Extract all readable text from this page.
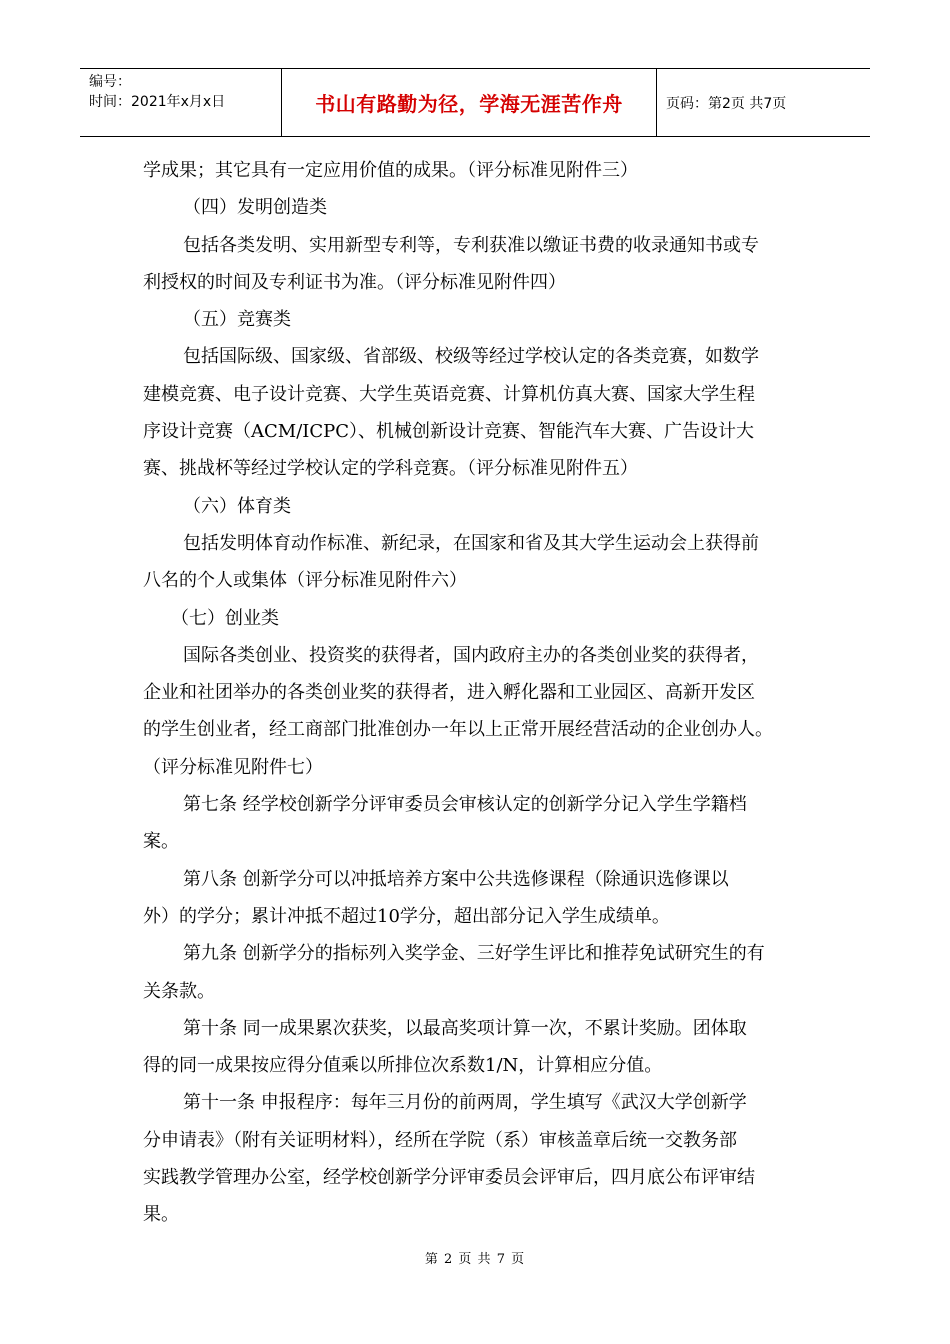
编号：
时间：2021年x月x日	书山有路勤为径，学海无涯苦作舟	页码：第2页 共7页

学成果；其它具有一定应用价值的成果。（评分标准见附件三）

（四）发明创造类

包括各类发明、实用新型专利等，专利获准以缴证书费的收录通知书或专

利授权的时间及专利证书为准。（评分标准见附件四）

（五）竞赛类

包括国际级、国家级、省部级、校级等经过学校认定的各类竞赛，如数学

建模竞赛、电子设计竞赛、大学生英语竞赛、计算机仿真大赛、国家大学生程

序设计竞赛（ACM/ICPC）、机械创新设计竞赛、智能汽车大赛、广告设计大

赛、挑战杯等经过学校认定的学科竞赛。（评分标准见附件五）

（六）体育类

包括发明体育动作标准、新纪录，在国家和省及其大学生运动会上获得前

八名的个人或集体（评分标准见附件六）

（七）创业类

国际各类创业、投资奖的获得者，国内政府主办的各类创业奖的获得者，

企业和社团举办的各类创业奖的获得者，进入孵化器和工业园区、高新开发区

的学生创业者，经工商部门批准创办一年以上正常开展经营活动的企业创办人。

（评分标准见附件七）

第七条 经学校创新学分评审委员会审核认定的创新学分记入学生学籍档

案。

第八条 创新学分可以冲抵培养方案中公共选修课程（除通识选修课以

外）的学分；累计冲抵不超过10学分，超出部分记入学生成绩单。

第九条 创新学分的指标列入奖学金、三好学生评比和推荐免试研究生的有

关条款。

第十条 同一成果累次获奖，以最高奖项计算一次，不累计奖励。团体取

得的同一成果按应得分值乘以所排位次系数1/N，计算相应分值。

第十一条 申报程序：每年三月份的前两周，学生填写《武汉大学创新学

分申请表》（附有关证明材料），经所在学院（系）审核盖章后统一交教务部

实践教学管理办公室，经学校创新学分评审委员会评审后，四月底公布评审结

果。

第 2 页 共 7 页
